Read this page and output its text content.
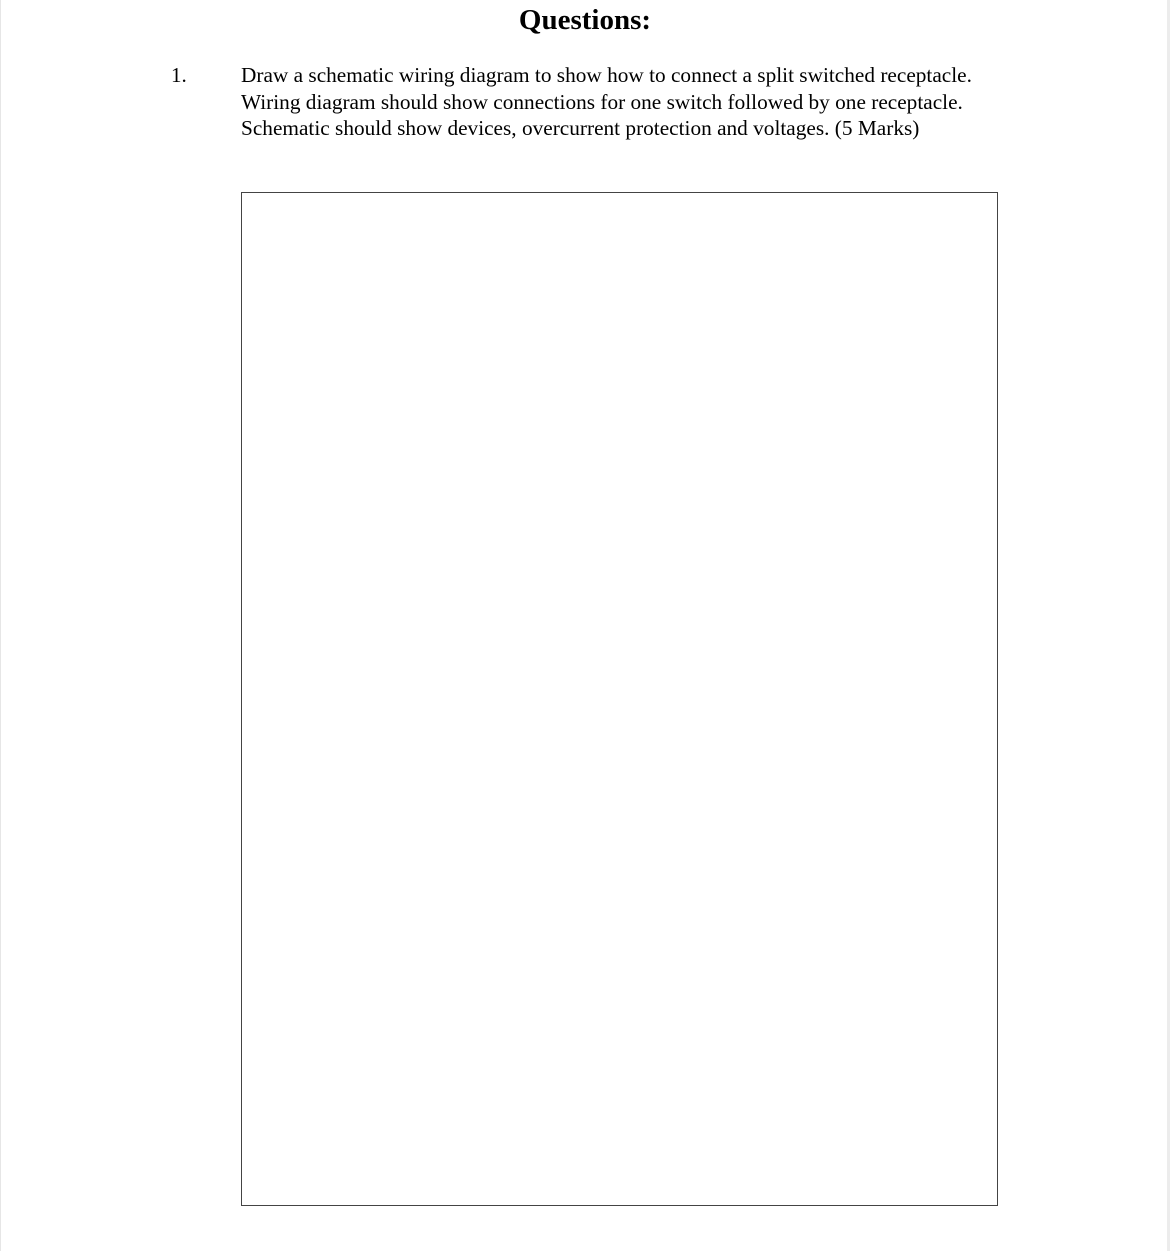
Questions:
1.	Draw a schematic wiring diagram to show how to connect a split switched receptacle. Wiring diagram should show connections for one switch followed by one receptacle. Schematic should show devices, overcurrent protection and voltages. (5 Marks)
